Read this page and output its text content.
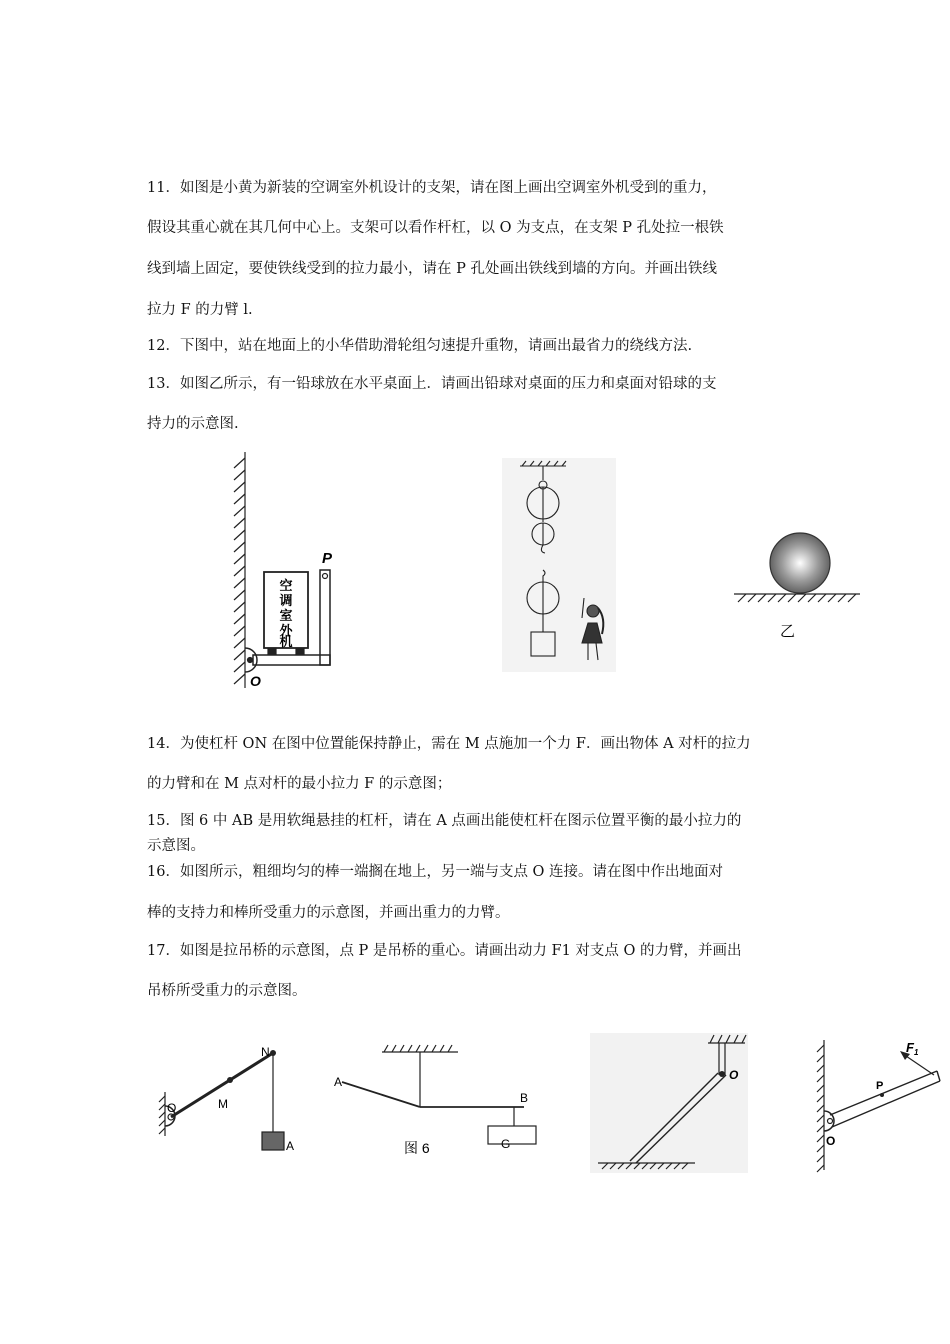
11．如图是小黄为新装的空调室外机设计的支架，请在图上画出空调室外机受到的重力，
假设其重心就在其几何中心上。支架可以看作杆杠，以 O 为支点，在支架 P 孔处拉一根铁
线到墙上固定，要使铁线受到的拉力最小，请在 P 孔处画出铁线到墙的方向。并画出铁线
拉力 F 的力臂 l.
12．下图中，站在地面上的小华借助滑轮组匀速提升重物，请画出最省力的绕线方法.
13．如图乙所示，有一铅球放在水平桌面上．请画出铅球对桌面的压力和桌面对铅球的支
持力的示意图.
P
O
空
调
室
外
机
乙
14．为使杠杆 ON 在图中位置能保持静止，需在 M 点施加一个力 F．画出物体 A 对杆的拉力
的力臂和在 M 点对杆的最小拉力 F 的示意图；
15．图 6 中 AB 是用软绳悬挂的杠杆，请在 A 点画出能使杠杆在图示位置平衡的最小拉力的
示意图。
16．如图所示，粗细均匀的棒一端搁在地上，另一端与支点 O 连接。请在图中作出地面对
棒的支持力和棒所受重力的示意图，并画出重力的力臂。
17．如图是拉吊桥的示意图，点 P 是吊桥的重心。请画出动力 F1 对支点 O 的力臂，并画出
吊桥所受重力的示意图。
N
O	M
A
A
B
G
图 6
O
$F_1$
P
O
